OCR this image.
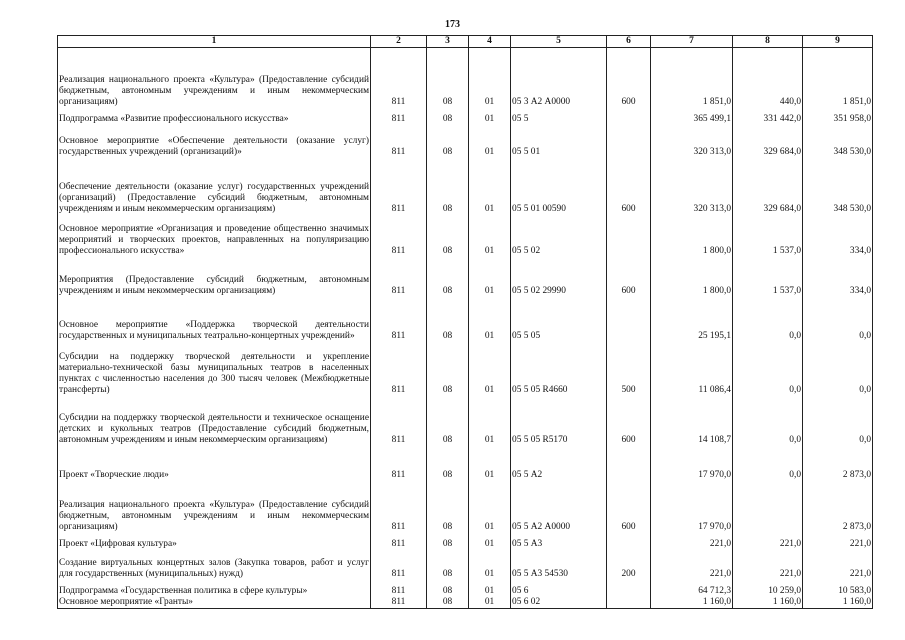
173
1	2	3	4	5	6	7	8	9
Реализация национального проекта «Культура» (Предоставление субсидий бюджетным, автономным учреждениям и иным некоммерческим организациям)	811	08	01	05 3 А2 А0000	600	1 851,0	440,0	1 851,0
Подпрограмма «Развитие профессионального искусства»	811	08	01	05 5		365 499,1	331 442,0	351 958,0
Основное мероприятие «Обеспечение деятельности (оказание услуг) государственных учреждений (организаций)»	811	08	01	05 5 01		320 313,0	329 684,0	348 530,0
Обеспечение деятельности (оказание услуг) государственных учреждений (организаций) (Предоставление субсидий бюджетным, автономным учреждениям и иным некоммерческим организациям)	811	08	01	05 5 01 00590	600	320 313,0	329 684,0	348 530,0
Основное мероприятие «Организация и проведение общественно значимых мероприятий и творческих проектов, направленных на популяризацию профессионального искусства»	811	08	01	05 5 02		1 800,0	1 537,0	334,0
Мероприятия (Предоставление субсидий бюджетным, автономным учреждениям и иным некоммерческим организациям)	811	08	01	05 5 02 29990	600	1 800,0	1 537,0	334,0
Основное мероприятие «Поддержка творческой деятельности государственных и муниципальных театрально-концертных учреждений»	811	08	01	05 5 05		25 195,1	0,0	0,0
Субсидии на поддержку творческой деятельности и укрепление материально-технической базы муниципальных театров в населенных пунктах с численностью населения до 300 тысяч человек (Межбюджетные трансферты)	811	08	01	05 5 05 R4660	500	11 086,4	0,0	0,0
Субсидии на поддержку творческой деятельности и техническое оснащение детских и кукольных театров (Предоставление субсидий бюджетным, автономным учреждениям и иным некоммерческим организациям)	811	08	01	05 5 05 R5170	600	14 108,7	0,0	0,0
Проект «Творческие люди»	811	08	01	05 5 А2		17 970,0	0,0	2 873,0
Реализация национального проекта «Культура» (Предоставление субсидий бюджетным, автономным учреждениям и иным некоммерческим организациям)	811	08	01	05 5 А2 А0000	600	17 970,0		2 873,0
Проект «Цифровая культура»	811	08	01	05 5 А3		221,0	221,0	221,0
Создание виртуальных концертных залов (Закупка товаров, работ и услуг для государственных (муниципальных) нужд)	811	08	01	05 5 А3 54530	200	221,0	221,0	221,0
Подпрограмма «Государственная политика в сфере культуры»	811	08	01	05 6		64 712,3	10 259,0	10 583,0
Основное мероприятие «Гранты»	811	08	01	05 6 02		1 160,0	1 160,0	1 160,0
